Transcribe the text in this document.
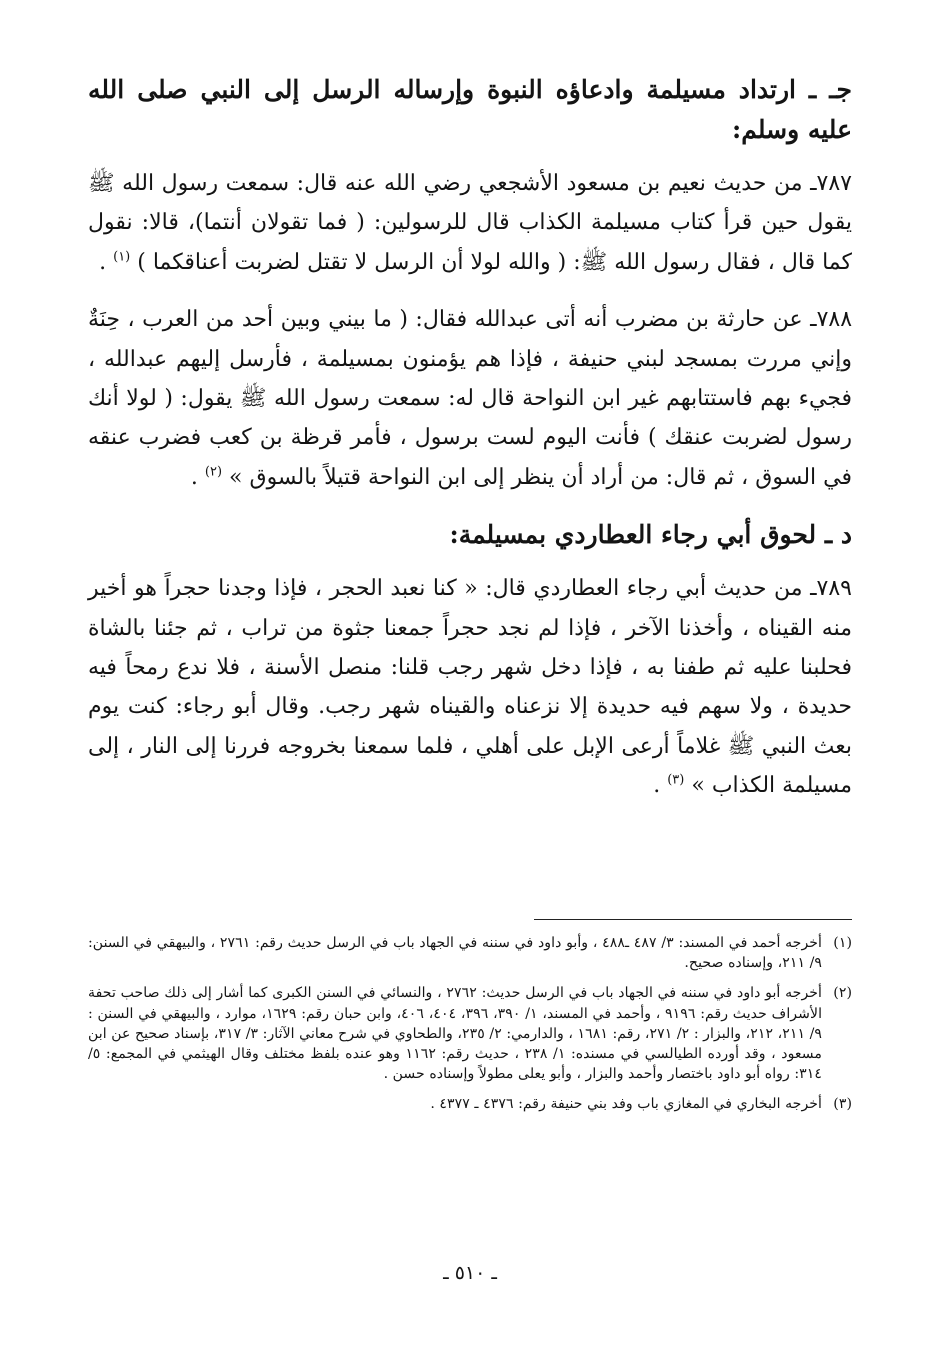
جـ ـ ارتداد مسيلمة وادعاؤه النبوة وإرساله الرسل إلى النبي صلى الله عليه وسلم:

٧٨٧ـ من حديث نعيم بن مسعود الأشجعي رضي الله عنه قال: سمعت رسول الله ﷺ يقول حين قرأ كتاب مسيلمة الكذاب قال للرسولين: ( فما تقولان أنتما)، قالا: نقول كما قال ، فقال رسول الله ﷺ: ( والله لولا أن الرسل لا تقتل لضربت أعناقكما ) $^{(١)}$ .

٧٨٨ـ عن حارثة بن مضرب أنه أتى عبدالله فقال: ( ما بيني وبين أحد من العرب ، حِنَةٌ وإني مررت بمسجد لبني حنيفة ، فإذا هم يؤمنون بمسيلمة ، فأرسل إليهم عبدالله ، فجيء بهم فاستتابهم غير ابن النواحة قال له: سمعت رسول الله ﷺ يقول: ( لولا أنك رسول لضربت عنقك ) فأنت اليوم لست برسول ، فأمر قرظة بن كعب فضرب عنقه في السوق ، ثم قال: من أراد أن ينظر إلى ابن النواحة قتيلاً بالسوق » $^{(٢)}$ .

د ـ لحوق أبي رجاء العطاردي بمسيلمة:

٧٨٩ـ من حديث أبي رجاء العطاردي قال: « كنا نعبد الحجر ، فإذا وجدنا حجراً هو أخير منه القيناه ، وأخذنا الآخر ، فإذا لم نجد حجراً جمعنا جثوة من تراب ، ثم جئنا بالشاة فحلبنا عليه ثم طفنا به ، فإذا دخل شهر رجب قلنا: منصل الأسنة ، فلا ندع رمحاً فيه حديدة ، ولا سهم فيه حديدة إلا نزعناه والقيناه شهر رجب. وقال أبو رجاء: كنت يوم بعث النبي ﷺ غلاماً أرعى الإبل على أهلي ، فلما سمعنا بخروجه فررنا إلى النار ، إلى مسيلمة الكذاب » $^{(٣)}$ .

(١)
أخرجه أحمد في المسند: ٣/ ٤٨٧ ـ٤٨٨ ، وأبو داود في سننه في الجهاد باب في الرسل حديث رقم: ٢٧٦١ ، والبيهقي في السنن: ٩/ ٢١١، وإسناده صحيح.
(٢)
أخرجه أبو داود في سننه في الجهاد باب في الرسل حديث: ٢٧٦٢ ، والنسائي في السنن الكبرى كما أشار إلى ذلك صاحب تحفة الأشراف حديث رقم: ٩١٩٦ ، وأحمد في المسند، ١/ ٣٩٠، ٣٩٦، ٤٠٤، ٤٠٦، وابن حبان رقم: ١٦٢٩، موارد ، والبيهقي في السنن : ٩/ ٢١١، ٢١٢، والبزار : ٢/ ٢٧١، رقم: ١٦٨١ ، والدارمي: ٢/ ٢٣٥، والطحاوي في شرح معاني الآثار: ٣/ ٣١٧، بإسناد صحيح عن ابن مسعود ، وقد أورده الطيالسي في مسنده: ١/ ٢٣٨ ، حديث رقم: ١١٦٢ وهو عنده بلفظ مختلف وقال الهيثمي في المجمع: ٥/ ٣١٤: رواه أبو داود باختصار وأحمد والبزار ، وأبو يعلى مطولاً وإسناده حسن .
(٣)
أخرجه البخاري في المغازي باب وفد بني حنيفة رقم: ٤٣٧٦ ـ ٤٣٧٧ .
ـ ٥١٠ ـ
